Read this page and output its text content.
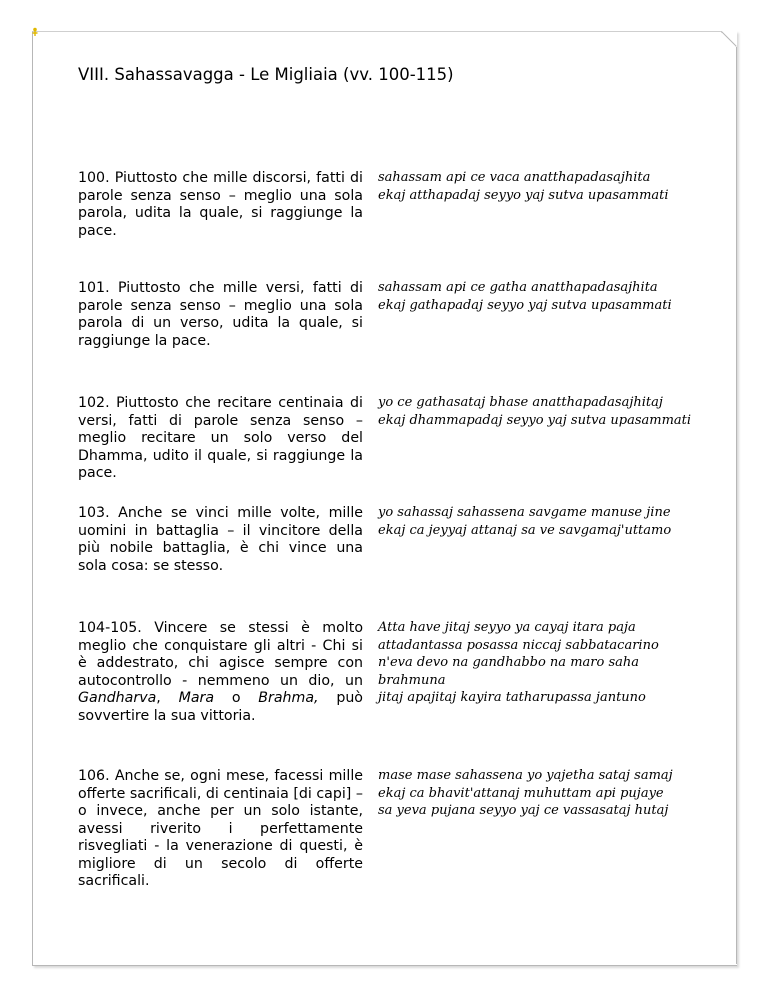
VIII. Sahassavagga - Le Migliaia (vv. 100-115)
100. Piuttosto che mille discorsi, fatti di parole senza senso – meglio una sola parola, udita la quale, si raggiunge la pace.
sahassam api ce vaca anatthapadasajhita
ekaj atthapadaj seyyo yaj sutva upasammati
101. Piuttosto che mille versi, fatti di parole senza senso – meglio una sola parola di un verso, udita la quale, si raggiunge la pace.
sahassam api ce gatha anatthapadasajhita
ekaj gathapadaj seyyo yaj sutva upasammati
102. Piuttosto che recitare centinaia di versi, fatti di parole senza senso – meglio recitare un solo verso del Dhamma, udito il quale, si raggiunge la pace.
yo ce gathasataj bhase anatthapadasajhitaj
ekaj dhammapadaj seyyo yaj sutva upasammati
103. Anche se vinci mille volte, mille uomini in battaglia – il vincitore della più nobile battaglia, è chi vince una sola cosa: se stesso.
yo sahassaj sahassena savgame manuse jine
ekaj ca jeyyaj attanaj sa ve savgamaj'uttamo
104-105. Vincere se stessi è molto meglio che conquistare gli altri - Chi si è addestrato, chi agisce sempre con autocontrollo - nemmeno un dio, un Gandharva, Mara o Brahma, può sovvertire la sua vittoria.
Atta have jitaj seyyo ya cayaj itara paja
attadantassa posassa niccaj sabbatacarino
n'eva devo na gandhabbo na maro saha
brahmuna
jitaj apajitaj kayira tatharupassa jantuno
106. Anche se, ogni mese, facessi mille offerte sacrificali, di centinaia [di capi] – o invece, anche per un solo istante, avessi riverito i perfettamente risvegliati - la venerazione di questi, è migliore di un secolo di offerte sacrificali.
mase mase sahassena yo yajetha sataj samaj
ekaj ca bhavit'attanaj muhuttam api pujaye
sa yeva pujana seyyo yaj ce vassasataj hutaj
